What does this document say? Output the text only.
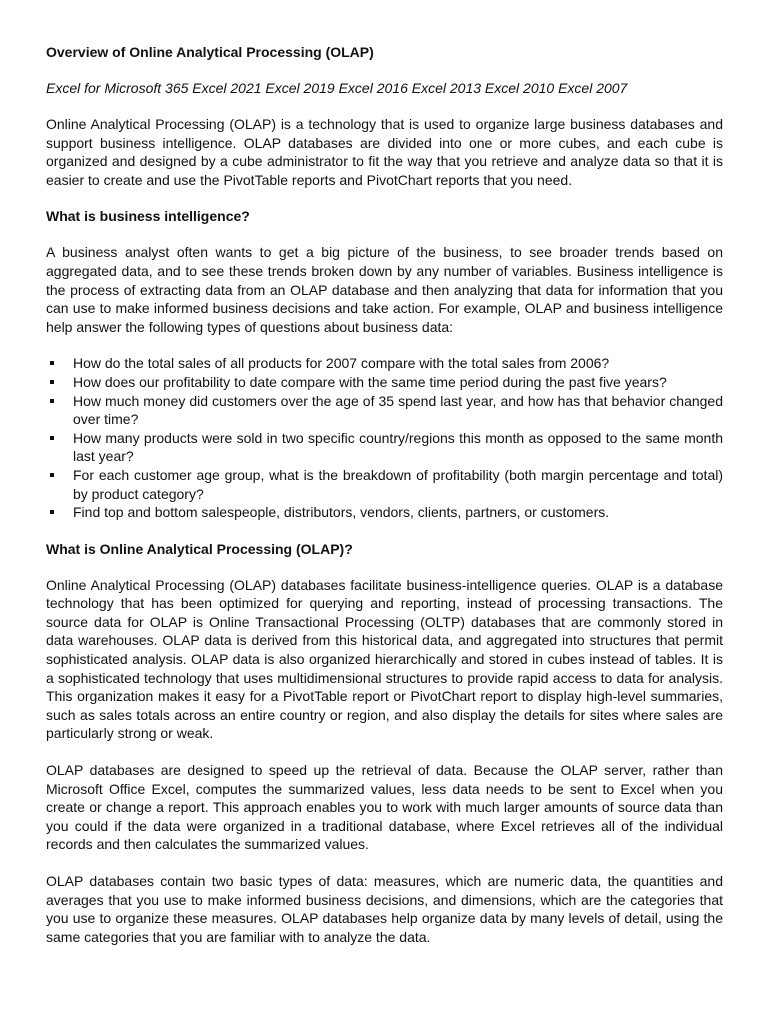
Overview of Online Analytical Processing (OLAP)
Excel for Microsoft 365 Excel 2021 Excel 2019 Excel 2016 Excel 2013 Excel 2010 Excel 2007

Online Analytical Processing (OLAP) is a technology that is used to organize large business databases and support business intelligence. OLAP databases are divided into one or more cubes, and each cube is organized and designed by a cube administrator to fit the way that you retrieve and analyze data so that it is easier to create and use the PivotTable reports and PivotChart reports that you need.

What is business intelligence?

A business analyst often wants to get a big picture of the business, to see broader trends based on aggregated data, and to see these trends broken down by any number of variables. Business intelligence is the process of extracting data from an OLAP database and then analyzing that data for information that you can use to make informed business decisions and take action. For example, OLAP and business intelligence help answer the following types of questions about business data:

How do the total sales of all products for 2007 compare with the total sales from 2006?
How does our profitability to date compare with the same time period during the past five years?
How much money did customers over the age of 35 spend last year, and how has that behavior changed over time?
How many products were sold in two specific country/regions this month as opposed to the same month last year?
For each customer age group, what is the breakdown of profitability (both margin percentage and total) by product category?
Find top and bottom salespeople, distributors, vendors, clients, partners, or customers.
What is Online Analytical Processing (OLAP)?

Online Analytical Processing (OLAP) databases facilitate business-intelligence queries. OLAP is a database technology that has been optimized for querying and reporting, instead of processing transactions. The source data for OLAP is Online Transactional Processing (OLTP) databases that are commonly stored in data warehouses. OLAP data is derived from this historical data, and aggregated into structures that permit sophisticated analysis. OLAP data is also organized hierarchically and stored in cubes instead of tables. It is a sophisticated technology that uses multidimensional structures to provide rapid access to data for analysis. This organization makes it easy for a PivotTable report or PivotChart report to display high-level summaries, such as sales totals across an entire country or region, and also display the details for sites where sales are particularly strong or weak.

OLAP databases are designed to speed up the retrieval of data. Because the OLAP server, rather than Microsoft Office Excel, computes the summarized values, less data needs to be sent to Excel when you create or change a report. This approach enables you to work with much larger amounts of source data than you could if the data were organized in a traditional database, where Excel retrieves all of the individual records and then calculates the summarized values.

OLAP databases contain two basic types of data: measures, which are numeric data, the quantities and averages that you use to make informed business decisions, and dimensions, which are the categories that you use to organize these measures. OLAP databases help organize data by many levels of detail, using the same categories that you are familiar with to analyze the data.
